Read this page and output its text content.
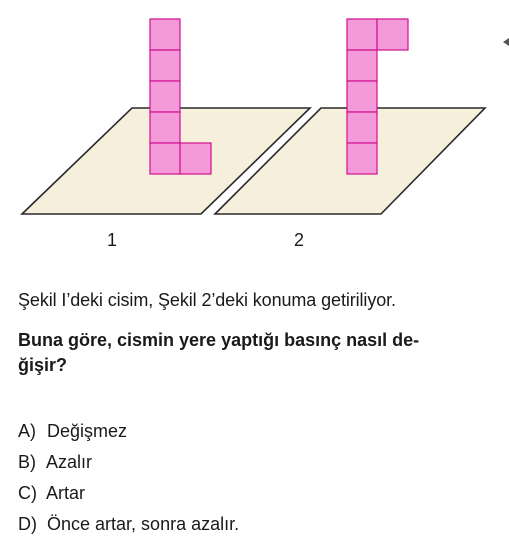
1	2
Şekil I’deki cisim, Şekil 2’deki konuma getiriliyor.
Buna göre, cismin yere yaptığı basınç nasıl de-
ğişir?
A) Değişmez
B) Azalır
C) Artar
D) Önce artar, sonra azalır.
